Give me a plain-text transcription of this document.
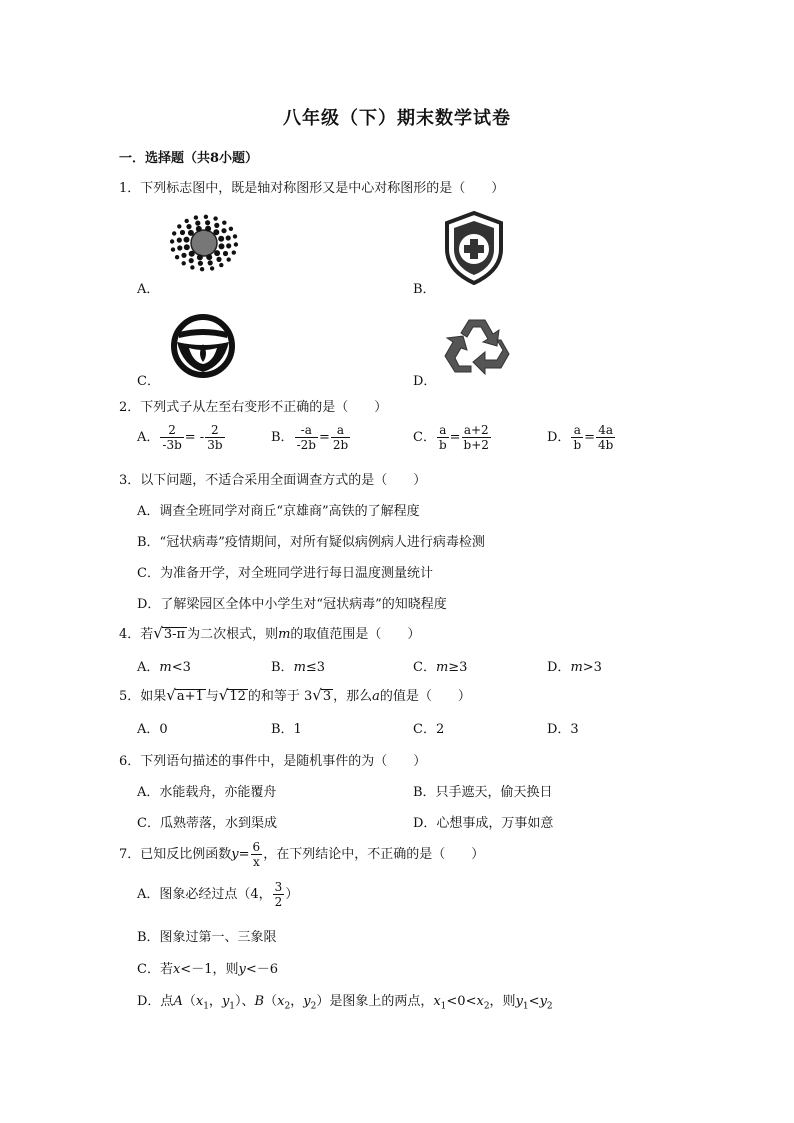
八年级（下）期末数学试卷
一．选择题（共8小题）
1．下列标志图中，既是轴对称图形又是中心对称图形的是（　　）
A．	B．
C．	D．
2．下列式子从左至右变形不正确的是（　　）
A． $\frac{2}{-3b}$ = - $\frac{2}{3b}$	B． $\frac{-a}{-2b} = \frac{a}{2b}$	C． $\frac{a}{b} = \frac{a+2}{b+2}$	D． $\frac{a}{b} = \frac{4a}{4b}$
3．以下问题，不适合采用全面调查方式的是（　　）
A．调查全班同学对商丘“京雄商”高铁的了解程度
B．“冠状病毒”疫情期间，对所有疑似病例病人进行病毒检测
C．为准备开学，对全班同学进行每日温度测量统计
D．了解梁园区全体中小学生对“冠状病毒”的知晓程度
4．若√3-π 为二次根式，则m的取值范围是（　　）
A．m<3	B．m≤3	C．m≥3	D．m>3
5．如果√a+1 与√12 的和等于 3√3 ，那么a的值是（　　）
A．0	B．1	C．2	D．3
6．下列语句描述的事件中，是随机事件的为（　　）
A．水能载舟，亦能覆舟	B．只手遮天，偷天换日
C．瓜熟蒂落，水到渠成	D．心想事成，万事如意
7．已知反比例函数$y= \frac{6}{x}$ ，在下列结论中，不正确的是（　　）
A．图象必经过点（4， $\frac{3}{2}$ ）
B．图象过第一、三象限
C．若x<－1，则y<－6
D．点$A(x_1$，$y_1$）、$B(x_2$，$y_2$）是图象上的两点，$x_1<0<x_2$，则$y_1<y_2$
